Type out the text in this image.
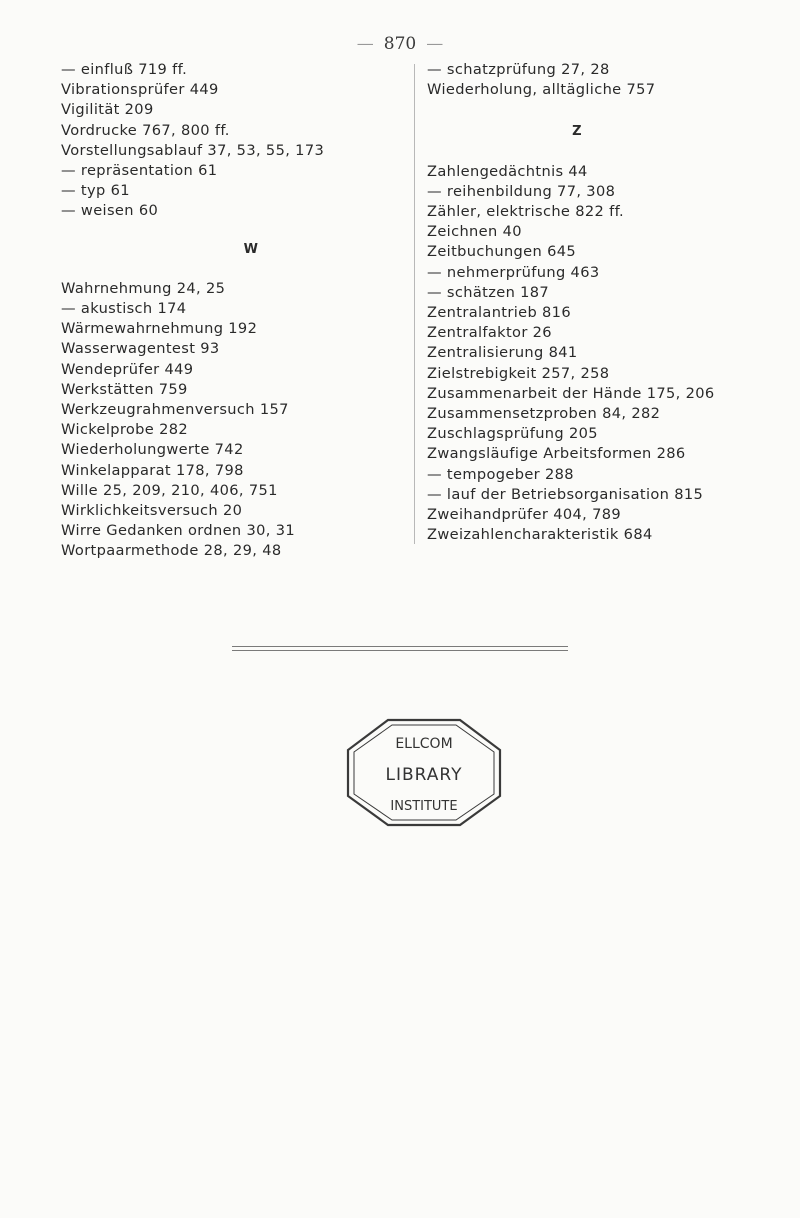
— 870 —
— einfluß 719 ff.
Vibrationsprüfer 449
Vigilität 209
Vordrucke 767, 800 ff.
Vorstellungsablauf 37, 53, 55, 173
— repräsentation 61
— typ 61
— weisen 60
W
Wahrnehmung 24, 25
— akustisch 174
Wärmewahrnehmung 192
Wasserwagentest 93
Wendeprüfer 449
Werkstätten 759
Werkzeugrahmenversuch 157
Wickelprobe 282
Wiederholungwerte 742
Winkelapparat 178, 798
Wille 25, 209, 210, 406, 751
Wirklichkeitsversuch 20
Wirre Gedanken ordnen 30, 31
Wortpaarmethode 28, 29, 48
— schatzprüfung 27, 28
Wiederholung, alltägliche 757
Z
Zahlengedächtnis 44
— reihenbildung 77, 308
Zähler, elektrische 822 ff.
Zeichnen 40
Zeitbuchungen 645
— nehmerprüfung 463
— schätzen 187
Zentralantrieb 816
Zentralfaktor 26
Zentralisierung 841
Zielstrebigkeit 257, 258
Zusammenarbeit der Hände 175, 206
Zusammensetzproben 84, 282
Zuschlagsprüfung 205
Zwangsläufige Arbeitsformen 286
— tempogeber 288
— lauf der Betriebsorganisation 815
Zweihandprüfer 404, 789
Zweizahlencharakteristik 684
ELLCOM
LIBRARY
INSTITUTE
